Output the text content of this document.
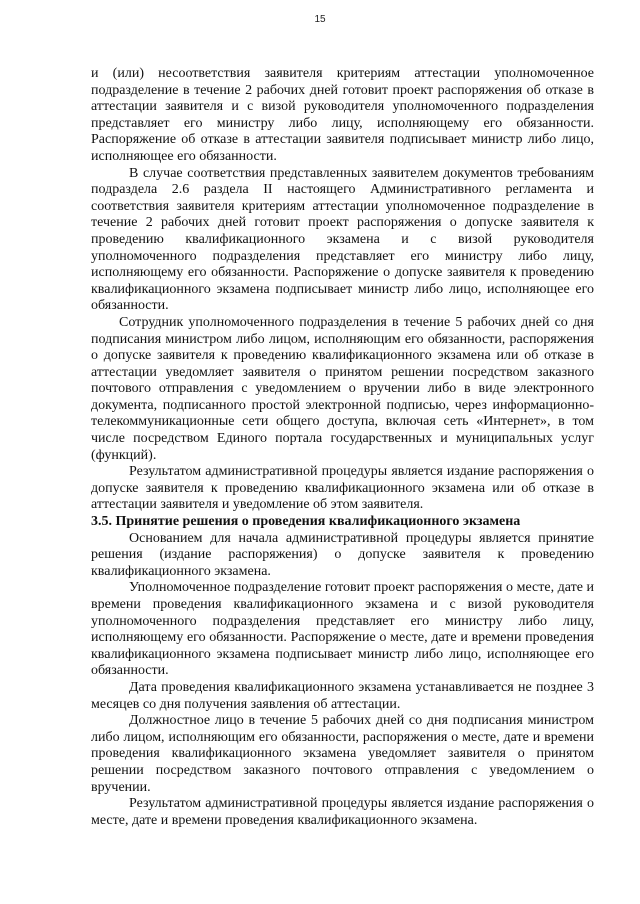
15

и (или) несоответствия заявителя критериям аттестации уполномоченное подразделение в течение 2 рабочих дней готовит проект распоряжения об отказе в аттестации заявителя и с визой руководителя уполномоченного подразделения представляет его министру либо лицу, исполняющему его обязанности. Распоряжение об отказе в аттестации заявителя подписывает министр либо лицо, исполняющее его обязанности.

В случае соответствия представленных заявителем документов требованиям подраздела 2.6 раздела II настоящего Административного регламента и соответствия заявителя критериям аттестации уполномоченное подразделение в течение 2 рабочих дней готовит проект распоряжения о допуске заявителя к проведению квалификационного экзамена и с визой руководителя уполномоченного подразделения представляет его министру либо лицу, исполняющему его обязанности. Распоряжение о допуске заявителя к проведению квалификационного экзамена подписывает министр либо лицо, исполняющее его обязанности.

Сотрудник уполномоченного подразделения в течение 5 рабочих дней со дня подписания министром либо лицом, исполняющим его обязанности, распоряжения о допуске заявителя к проведению квалификационного экзамена или об отказе в аттестации уведомляет заявителя о принятом решении посредством заказного почтового отправления с уведомлением о вручении либо в виде электронного документа, подписанного простой электронной подписью, через информационно-телекоммуникационные сети общего доступа, включая сеть «Интернет», в том числе посредством Единого портала государственных и муниципальных услуг (функций).

Результатом административной процедуры является издание распоряжения о допуске заявителя к проведению квалификационного экзамена или об отказе в аттестации заявителя и уведомление об этом заявителя.

3.5. Принятие решения о проведения квалификационного экзамена

Основанием для начала административной процедуры является принятие решения (издание распоряжения) о допуске заявителя к проведению квалификационного экзамена.

Уполномоченное подразделение готовит проект распоряжения о месте, дате и времени проведения квалификационного экзамена и с визой руководителя уполномоченного подразделения представляет его министру либо лицу, исполняющему его обязанности. Распоряжение о месте, дате и времени проведения квалификационного экзамена подписывает министр либо лицо, исполняющее его обязанности.

Дата проведения квалификационного экзамена устанавливается не позднее 3 месяцев со дня получения заявления об аттестации.

Должностное лицо в течение 5 рабочих дней со дня подписания министром либо лицом, исполняющим его обязанности, распоряжения о месте, дате и времени проведения квалификационного экзамена уведомляет заявителя о принятом решении посредством заказного почтового отправления с уведомлением о вручении.

Результатом административной процедуры является издание распоряжения о месте, дате и времени проведения квалификационного экзамена.
